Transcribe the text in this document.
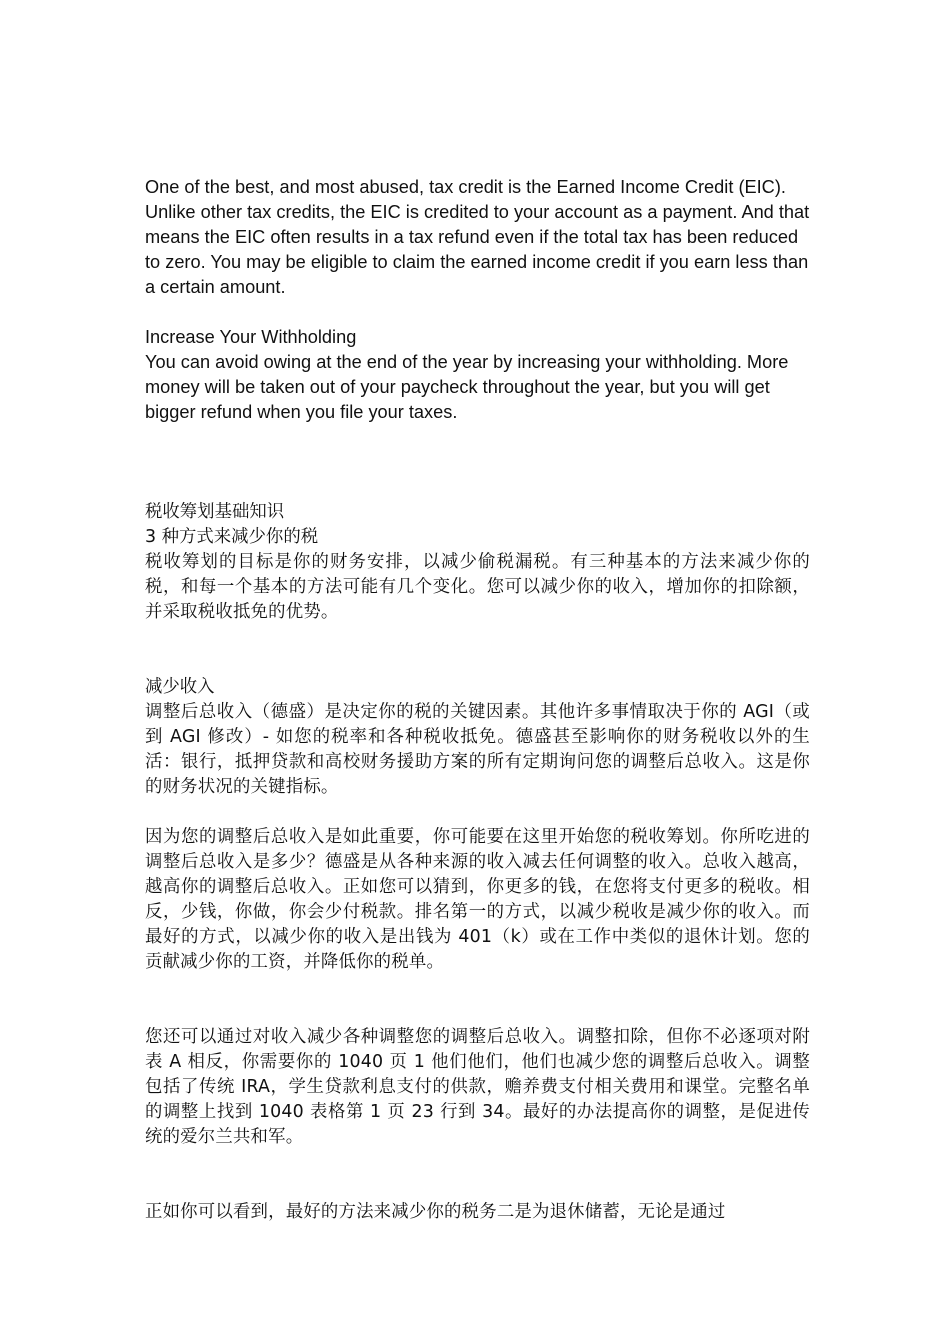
One of the best, and most abused, tax credit is the Earned Income Credit (EIC). Unlike other tax credits, the EIC is credited to your account as a payment. And that means the EIC often results in a tax refund even if the total tax has been reduced to zero. You may be eligible to claim the earned income credit if you earn less than a certain amount.

Increase Your Withholding

You can avoid owing at the end of the year by increasing your withholding. More money will be taken out of your paycheck throughout the year, but you will get bigger refund when you file your taxes.

税收筹划基础知识

3 种方式来减少你的税

税收筹划的目标是你的财务安排，以减少偷税漏税。有三种基本的方法来减少你的税，和每一个基本的方法可能有几个变化。您可以减少你的收入，增加你的扣除额，并采取税收抵免的优势。

减少收入

调整后总收入（德盛）是决定你的税的关键因素。其他许多事情取决于你的 AGI（或到 AGI 修改）- 如您的税率和各种税收抵免。德盛甚至影响你的财务税收以外的生活：银行，抵押贷款和高校财务援助方案的所有定期询问您的调整后总收入。这是你的财务状况的关键指标。

因为您的调整后总收入是如此重要，你可能要在这里开始您的税收筹划。你所吃进的调整后总收入是多少？德盛是从各种来源的收入减去任何调整的收入。总收入越高，越高你的调整后总收入。正如您可以猜到，你更多的钱，在您将支付更多的税收。相反，少钱，你做，你会少付税款。排名第一的方式，以减少税收是减少你的收入。而最好的方式，以减少你的收入是出钱为 401（k）或在工作中类似的退休计划。您的贡献减少你的工资，并降低你的税单。

您还可以通过对收入减少各种调整您的调整后总收入。调整扣除，但你不必逐项对附表 A 相反，你需要你的 1040 页 1 他们他们，他们也减少您的调整后总收入。调整包括了传统 IRA，学生贷款利息支付的供款，赡养费支付相关费用和课堂。完整名单的调整上找到 1040 表格第 1 页 23 行到 34。最好的办法提高你的调整，是促进传统的爱尔兰共和军。

正如你可以看到，最好的方法来减少你的税务二是为退休储蓄，无论是通过
